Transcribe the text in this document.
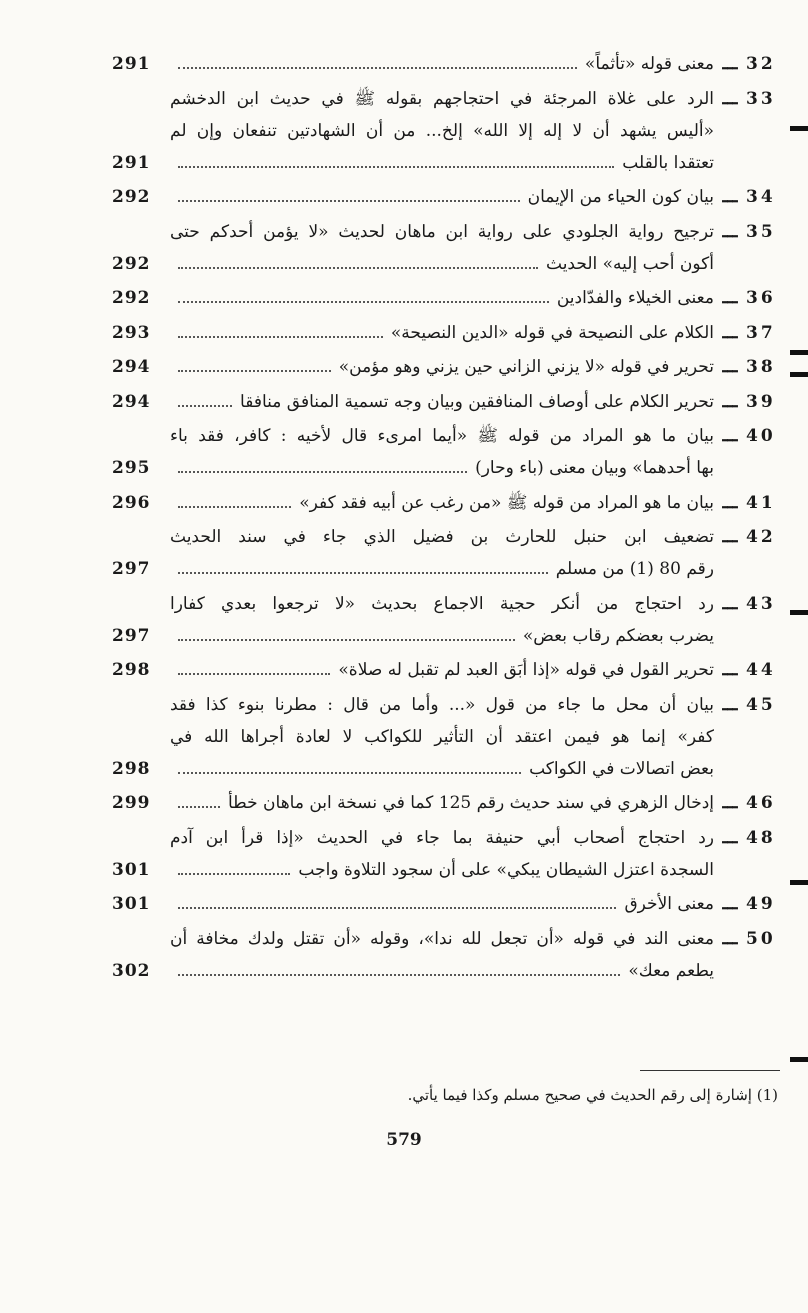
291	معنى قوله «تأثماً» ـــ 32
الرد على غلاة المرجئة في احتجاجهم بقوله ﷺ في حديث ابن الدخشم ـــ 33
«أليس يشهد أن لا إله إلا الله» إلخ... من أن الشهادتين تنفعان وإن لم
291	تعتقدا بالقلب
292	بيان كون الحياء من الإيمان ـــ 34
ترجيح رواية الجلودي على رواية ابن ماهان لحديث «لا يؤمن أحدكم حتى ـــ 35
292	أكون أحب إليه» الحديث
292	معنى الخيلاء والفدّادين ـــ 36
293	الكلام على النصيحة في قوله «الدين النصيحة» ـــ 37
294	تحرير في قوله «لا يزني الزاني حين يزني وهو مؤمن» ـــ 38
294	تحرير الكلام على أوصاف المنافقين وبيان وجه تسمية المنافق منافقا ـــ 39
بيان ما هو المراد من قوله ﷺ «أيما امرىء قال لأخيه : كافر، فقد باء ـــ 40
295	بها أحدهما» وبيان معنى (باء وحار)
296	بيان ما هو المراد من قوله ﷺ «من رغب عن أبيه فقد كفر» ـــ 41
تضعيف ابن حنبل للحارث بن فضيل الذي جاء في سند الحديث ـــ 42
297	رقم 80 (1) من مسلم
رد احتجاج من أنكر حجية الاجماع بحديث «لا ترجعوا بعدي كفارا ـــ 43
297	يضرب بعضكم رقاب بعض»
298	تحرير القول في قوله «إذا أبَق العبد لم تقبل له صلاة» ـــ 44
بيان أن محل ما جاء من قول «... وأما من قال : مطرنا بنوء كذا فقد ـــ 45
كفر» إنما هو فيمن اعتقد أن التأثير للكواكب لا لعادة أجراها الله في
298	بعض اتصالات في الكواكب
299	إدخال الزهري في سند حديث رقم 125 كما في نسخة ابن ماهان خطأ ـــ 46
رد احتجاج أصحاب أبي حنيفة بما جاء في الحديث «إذا قرأ ابن آدم ـــ 48
301	السجدة اعتزل الشيطان يبكي» على أن سجود التلاوة واجب
301	معنى الأخرق ـــ 49
معنى الند في قوله «أن تجعل لله ندا»، وقوله «أن تقتل ولدك مخافة أن ـــ 50
302	يطعم معك»
(1) إشارة إلى رقم الحديث في صحيح مسلم وكذا فيما يأتي.
579
